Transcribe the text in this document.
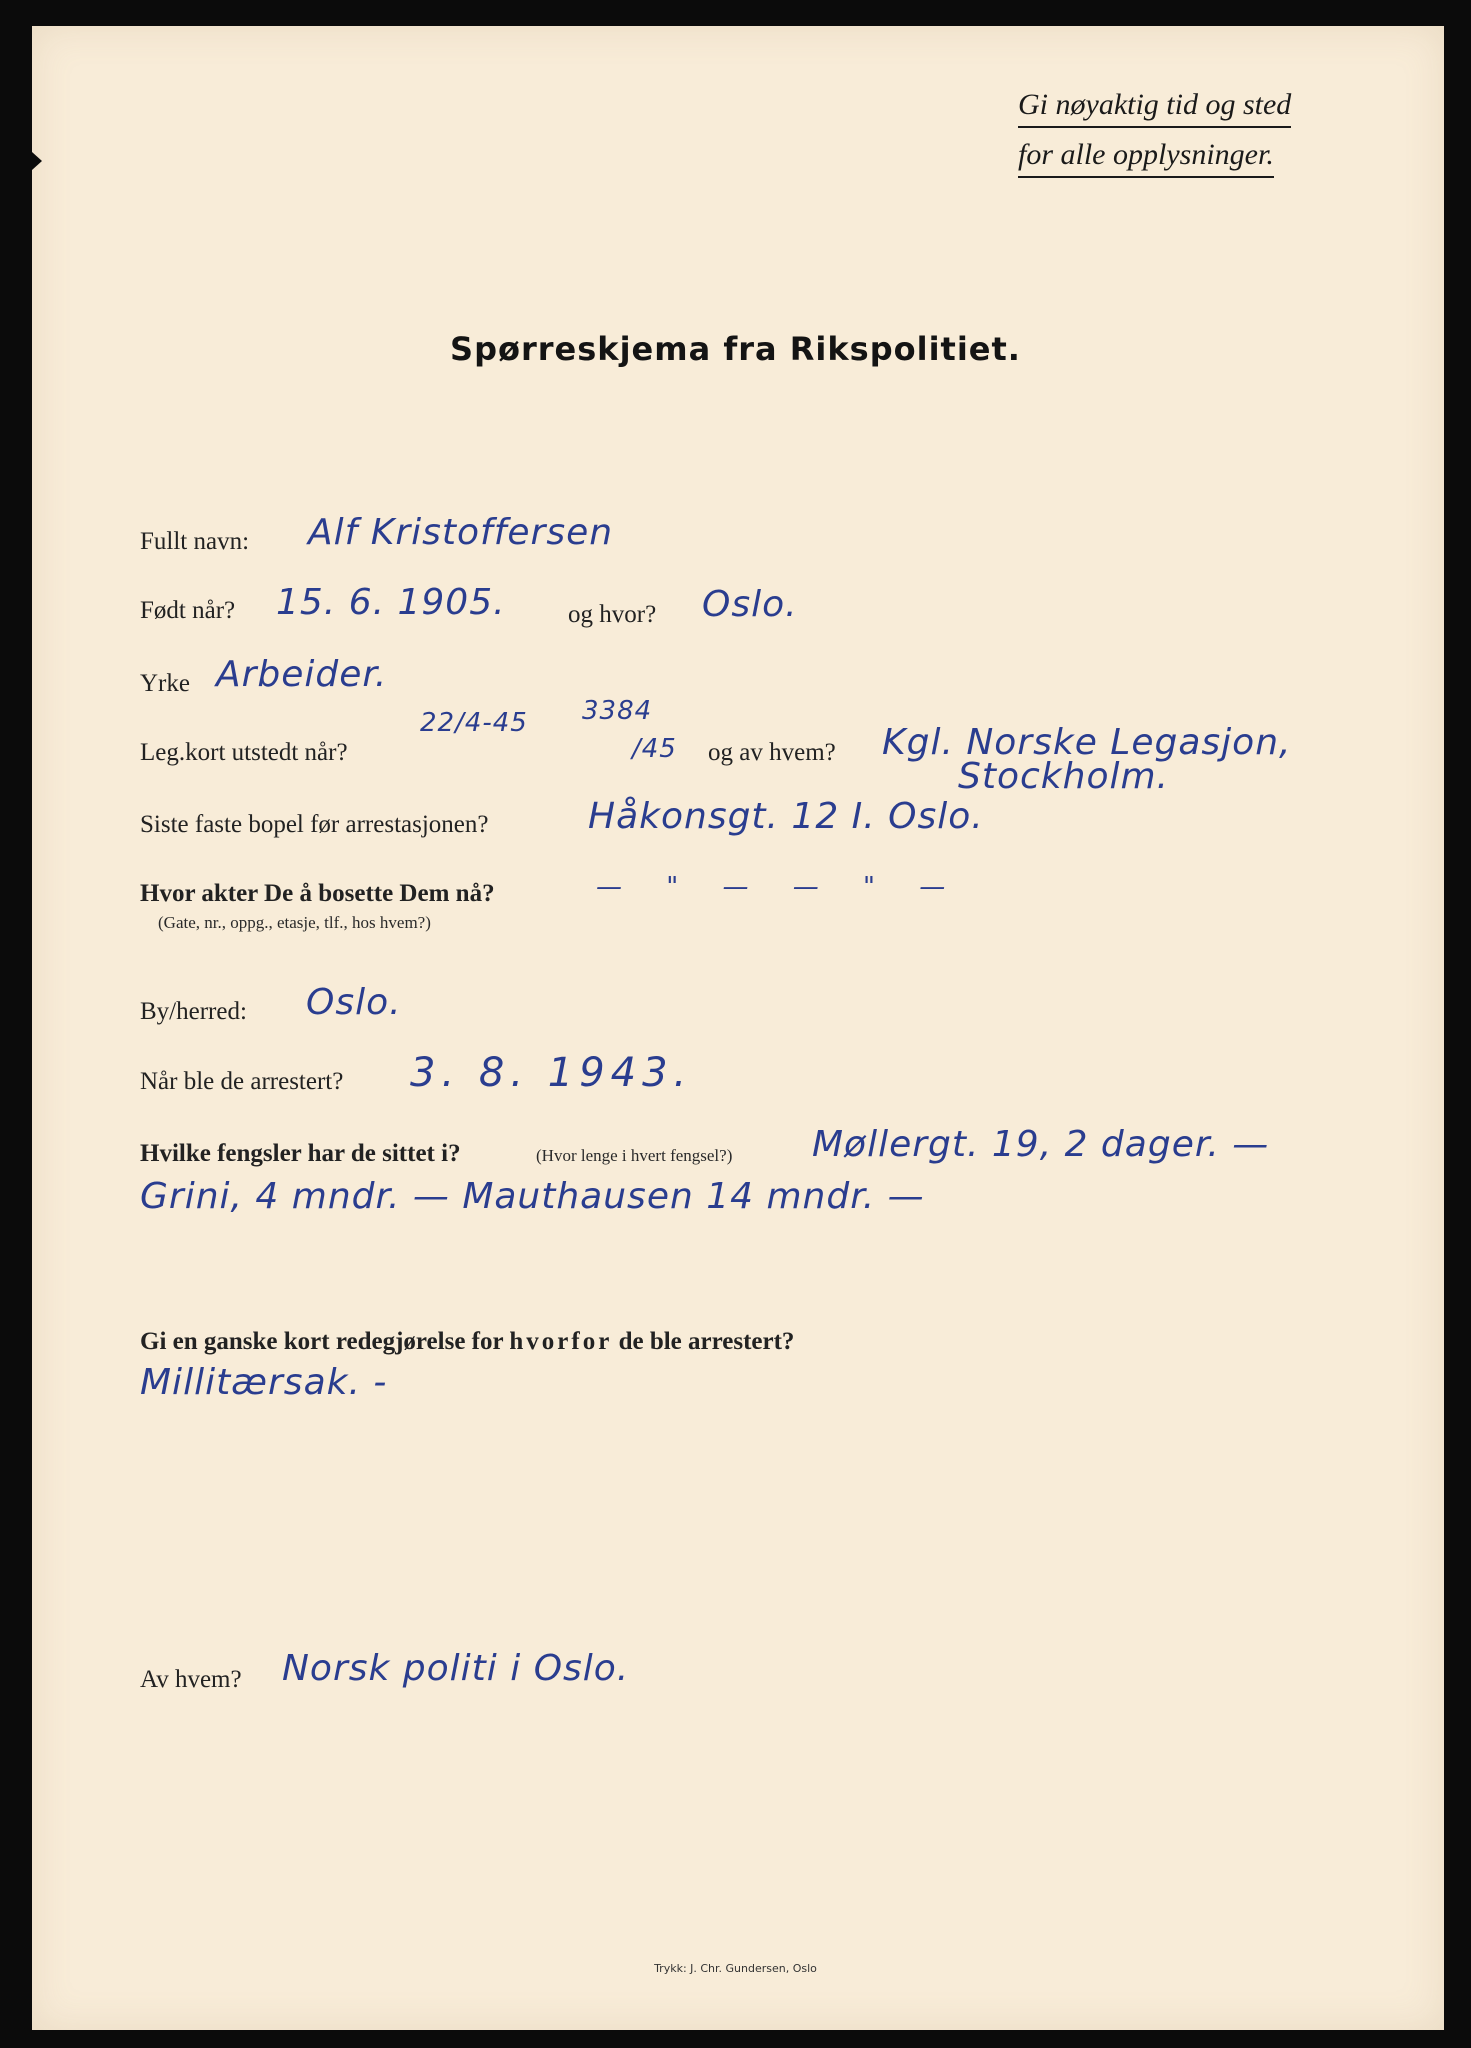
Gi nøyaktig tid og sted
for alle opplysninger.
Spørreskjema fra Rikspolitiet.
Fullt navn: Alf Kristoffersen
Født når? 15. 6. 1905. og hvor? Oslo.
Yrke Arbeider.
Leg.kort utstedt når?
22/4-45 3384
/45 og av hvem? Kgl. Norske Legasjon,
Stockholm.
Siste faste bopel før arrestasjonen?	Håkonsgt. 12 I. Oslo.
Hvor akter De å bosette Dem nå?
(Gate, nr., oppg., etasje, tlf., hos hvem?)
— " — — " —
By/herred: Oslo.
Når ble de arrestert? 3. 8. 1943.
Hvilke fengsler har de sittet i?	(Hvor lenge i hvert fengsel?) Møllergt. 19, 2 dager. —
Grini, 4 mndr. — Mauthausen 14 mndr. —
Gi en ganske kort redegjørelse for hvorfor de ble arrestert?
Millitærsak. -
Av hvem? Norsk politi i Oslo.
Trykk: J. Chr. Gundersen, Oslo
